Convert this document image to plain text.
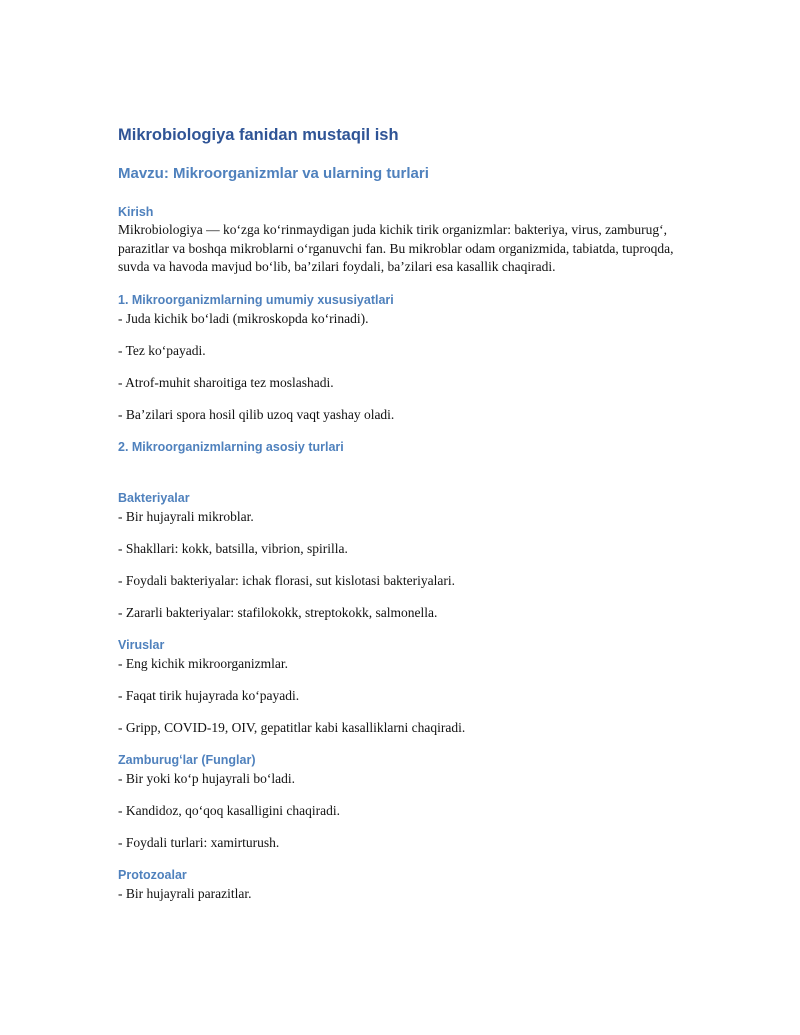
Mikrobiologiya fanidan mustaqil ish
Mavzu: Mikroorganizmlar va ularning turlari
Kirish

Mikrobiologiya — koʻzga koʻrinmaydigan juda kichik tirik organizmlar: bakteriya, virus, zamburugʻ, parazitlar va boshqa mikroblarni oʻrganuvchi fan. Bu mikroblar odam organizmida, tabiatda, tuproqda, suvda va havoda mavjud boʻlib, baʼzilari foydali, baʼzilari esa kasallik chaqiradi.

1. Mikroorganizmlarning umumiy xususiyatlari

- Juda kichik boʻladi (mikroskopda koʻrinadi).

- Tez koʻpayadi.

- Atrof-muhit sharoitiga tez moslashadi.

- Baʼzilari spora hosil qilib uzoq vaqt yashay oladi.

2. Mikroorganizmlarning asosiy turlari
Bakteriyalar

- Bir hujayrali mikroblar.

- Shakllari: kokk, batsilla, vibrion, spirilla.

- Foydali bakteriyalar: ichak florasi, sut kislotasi bakteriyalari.

- Zararli bakteriyalar: stafilokokk, streptokokk, salmonella.

Viruslar

- Eng kichik mikroorganizmlar.

- Faqat tirik hujayrada koʻpayadi.

- Gripp, COVID-19, OIV, gepatitlar kabi kasalliklarni chaqiradi.

Zamburugʻlar (Funglar)

- Bir yoki koʻp hujayrali boʻladi.

- Kandidoz, qoʻqoq kasalligini chaqiradi.

- Foydali turlari: xamirturush.

Protozoalar

- Bir hujayrali parazitlar.
